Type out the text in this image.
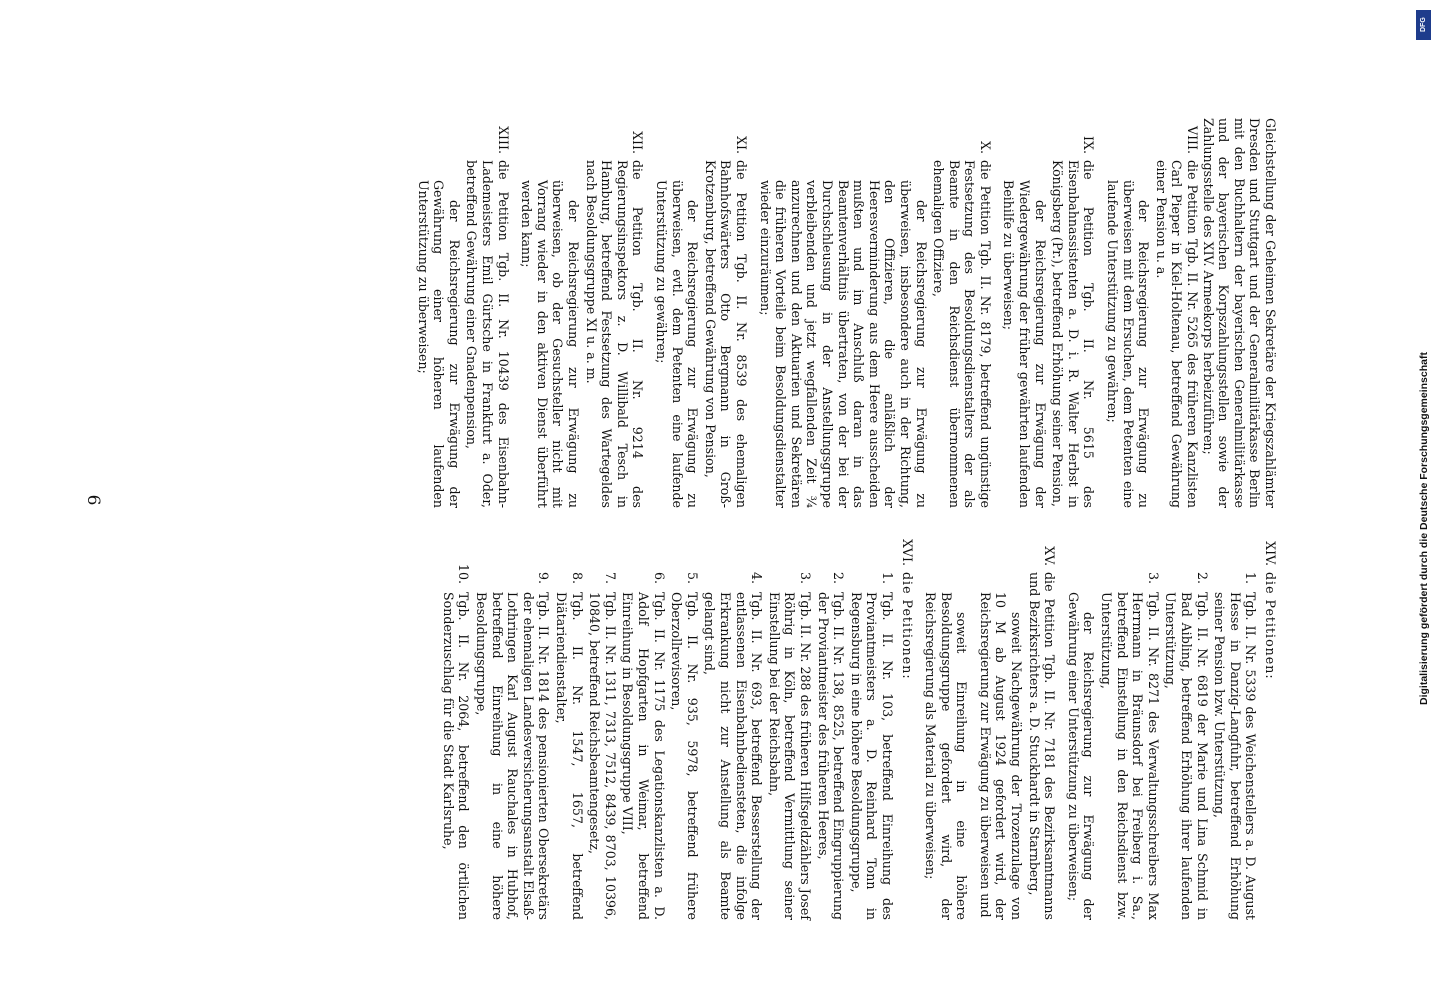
Gleichstellung der Geheimen Sekretäre der Kriegszahlämter Dresden und Stuttgart und der Generalmilitärkasse Berlin mit den Buchhaltern der bayerischen Generalmilitärkasse und der bayerischen Korpszahlungsstellen sowie der Zahlungsstelle des XIV. Armeekorps herbeizuführen;

VIII.

die Petition Tgb. II. Nr. 5265 des früheren Kanzlisten Carl Pieper in Kiel-Holtenau, betreffend Gewährung einer Pension u. a.

der Reichsregierung zur Erwägung zu überweisen mit dem Ersuchen, dem Petenten eine laufende Unterstützung zu gewähren;

IX.

die Petition Tgb. II. Nr. 5615 des Eisenbahnassistenten a. D. i. R. Walter Herbst in Königsberg (Pr.), betreffend Erhöhung seiner Pension,

der Reichsregierung zur Erwägung der Wiedergewährung der früher gewährten laufenden Beihilfe zu überweisen;

X.

die Petition Tgb. II. Nr. 8179, betreffend ungünstige Festsetzung des Besoldungsdienstalters der als Beamte in den Reichsdienst übernommenen ehemaligen Offiziere,

der Reichsregierung zur Erwägung zu überweisen, insbesondere auch in der Richtung, den Offizieren, die anläßlich der Heeresverminderung aus dem Heere ausscheiden mußten und im Anschluß daran in das Beamtenverhältnis übertraten, von der bei der Durchschleusung in der Anstellungsgruppe verbleibenden und jetzt wegfallenden Zeit ¾ anzurechnen und den Aktuarien und Sekretären die früheren Vorteile beim Besoldungsdienstalter wieder einzuräumen;

XI.

die Petition Tgb. II. Nr. 8539 des ehemaligen Bahnhofswärters Otto Bergmann in Groß-Krotzenburg, betreffend Gewährung von Pension,

der Reichsregierung zur Erwägung zu überweisen, evtl. dem Petenten eine laufende Unterstützung zu gewähren;

XII.

die Petition Tgb. II. Nr. 9214 des Regierungsinspektors z. D. Willibald Tesch in Hamburg, betreffend Festsetzung des Wartegeldes nach Besoldungsgruppe XI u. a. m.

der Reichsregierung zur Erwägung zu überweisen, ob der Gesuchsteller nicht mit Vorrang wieder in den aktiven Dienst überführt werden kann;

XIII.

die Petition Tgb. II. Nr. 10439 des Eisenbahn-Lademeisters Emil Gürtsche in Frankfurt a. Oder, betreffend Gewährung einer Gnadenpension,

der Reichsregierung zur Erwägung der Gewährung einer höheren laufenden Unterstützung zu überweisen;

XIV.

die Petitionen:

1.

Tgb. II. Nr. 5339 des Weichenstellers a. D. August Hesse in Danzig-Langfuhr, betreffend Erhöhung seiner Pension bzw. Unterstützung,

2.

Tgb. II. Nr. 6819 der Marie und Lina Schmid in Bad Aibling, betreffend Erhöhung ihrer laufenden Unterstützung,

3.

Tgb. II. Nr. 8271 des Verwaltungsschreibers Max Herrmann in Bräunsdorf bei Freiberg i. Sa., betreffend Einstellung in den Reichsdienst bzw. Unterstützung,

der Reichsregierung zur Erwägung der Gewährung einer Unterstützung zu überweisen;

XV.

die Petition Tgb. II. Nr. 7181 des Bezirksamtmanns und Bezirksrichters a. D. Stuckhardt in Starnberg,

soweit Nachgewährung der Trozenzulage von 10 M ab August 1924 gefordert wird, der Reichsregierung zur Erwägung zu überweisen und

soweit Einreihung in eine höhere Besoldungsgruppe gefordert wird, der Reichsregierung als Material zu überweisen;

XVI.

die Petitionen:

1.

Tgb. II. Nr. 103, betreffend Einreihung des Proviantmeisters a. D. Reinhard Tonn in Regensburg in eine höhere Besoldungsgruppe,

2.

Tgb. II. Nr. 138, 8525, betreffend Eingruppierung der Proviantmeister des früheren Heeres,

3.

Tgb. II. Nr. 288 des früheren Hilfsgeldzählers Josef Röhrig in Köln, betreffend Vermittlung seiner Einstellung bei der Reichsbahn,

4.

Tgb. II. Nr. 693, betreffend Besserstellung der entlassenen Eisenbahnbediensteten, die infolge Erkrankung nicht zur Anstellung als Beamte gelangt sind,

5.

Tgb. II. Nr. 935, 5978, betreffend frühere Oberzollrevisoren,

6.

Tgb. II. Nr. 1175 des Legationskanzlisten a. D. Adolf Hopfgarten in Weimar, betreffend Einreihung in Besoldungsgruppe VIII,

7.

Tgb. II. Nr. 1311, 7313, 7512, 8439, 8703, 10396, 10840, betreffend Reichsbeamtengesetz,

8.

Tgb. II. Nr. 1547, 1657, betreffend Diätariendienstalter,

9.

Tgb. II. Nr. 1814 des pensionierten Obersekretärs der ehemaligen Landesversicherungsanstalt Elsaß-Lothringen Karl August Rauchales in Hubhof, betreffend Einreihung in eine höhere Besoldungsgruppe,

10.

Tgb. II. Nr. 2064, betreffend den örtlichen Sonderzuschlag für die Stadt Karlsruhe,

6	Digitalisierung gefördert durch die Deutsche Forschungsgemeinschaft
DFG
